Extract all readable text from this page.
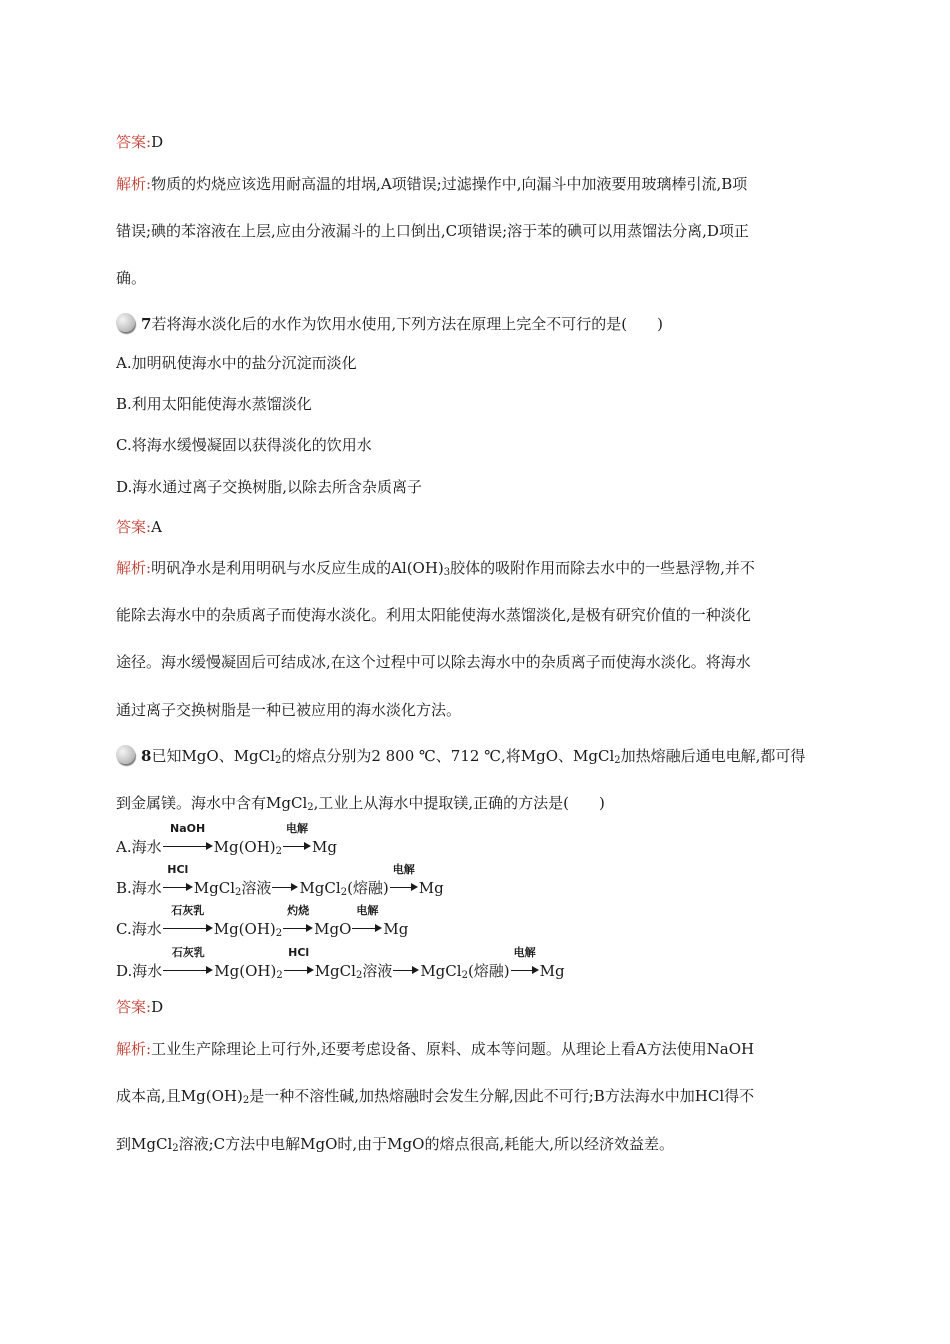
答案:D
解析:物质的灼烧应该选用耐高温的坩埚,A项错误;过滤操作中,向漏斗中加液要用玻璃棒引流,B项
错误;碘的苯溶液在上层,应由分液漏斗的上口倒出,C项错误;溶于苯的碘可以用蒸馏法分离,D项正
确。
7若将海水淡化后的水作为饮用水使用,下列方法在原理上完全不可行的是( )
A.加明矾使海水中的盐分沉淀而淡化
B.利用太阳能使海水蒸馏淡化
C.将海水缓慢凝固以获得淡化的饮用水
D.海水通过离子交换树脂,以除去所含杂质离子
答案:A
解析:明矾净水是利用明矾与水反应生成的$Al(OH)_3$胶体的吸附作用而除去水中的一些悬浮物,并不
能除去海水中的杂质离子而使海水淡化。利用太阳能使海水蒸馏淡化,是极有研究价值的一种淡化
途径。海水缓慢凝固后可结成冰,在这个过程中可以除去海水中的杂质离子而使海水淡化。将海水
通过离子交换树脂是一种已被应用的海水淡化方法。
8已知MgO、MgCl$_2$的熔点分别为2 800 ℃、712 ℃,将MgO、MgCl$_2$加热熔融后通电电解,都可得
到金属镁。海水中含有MgCl$_2$,工业上从海水中提取镁,正确的方法是( )
A.海水
NaOH
$Mg(OH)_2$
电解
Mg
B.海水
HCl
MgCl$_2$溶液 MgCl$_2$(熔融)
电解
Mg
C.海水
石灰乳
$Mg(OH)_2$
灼烧
MgO
电解
Mg
D.海水
石灰乳
$Mg(OH)_2$
HCl
MgCl$_2$溶液 MgCl$_2$(熔融)
电解
Mg
答案:D
解析:工业生产除理论上可行外,还要考虑设备、原料、成本等问题。从理论上看A方法使用NaOH
成本高,且$Mg(OH)_2$是一种不溶性碱,加热熔融时会发生分解,因此不可行;B方法海水中加HCl得不
到MgCl$_2$溶液;C方法中电解MgO时,由于MgO的熔点很高,耗能大,所以经济效益差。
